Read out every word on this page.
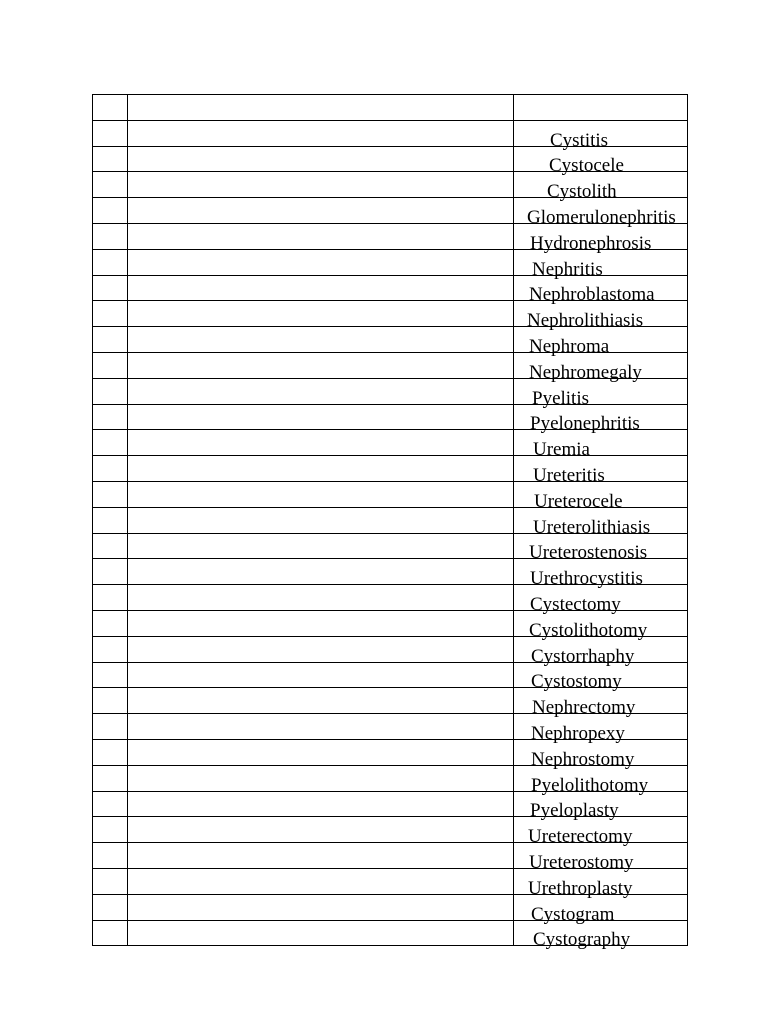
		Cystitis
		Cystocele
		Cystolith
		Glomerulonephritis
		Hydronephrosis
		Nephritis
		Nephroblastoma
		Nephrolithiasis
		Nephroma
		Nephromegaly
		Pyelitis
		Pyelonephritis
		Uremia
		Ureteritis
		Ureterocele
		Ureterolithiasis
		Ureterostenosis
		Urethrocystitis
		Cystectomy
		Cystolithotomy
		Cystorrhaphy
		Cystostomy
		Nephrectomy
		Nephropexy
		Nephrostomy
		Pyelolithotomy
		Pyeloplasty
		Ureterectomy
		Ureterostomy
		Urethroplasty
		Cystogram
		Cystography
